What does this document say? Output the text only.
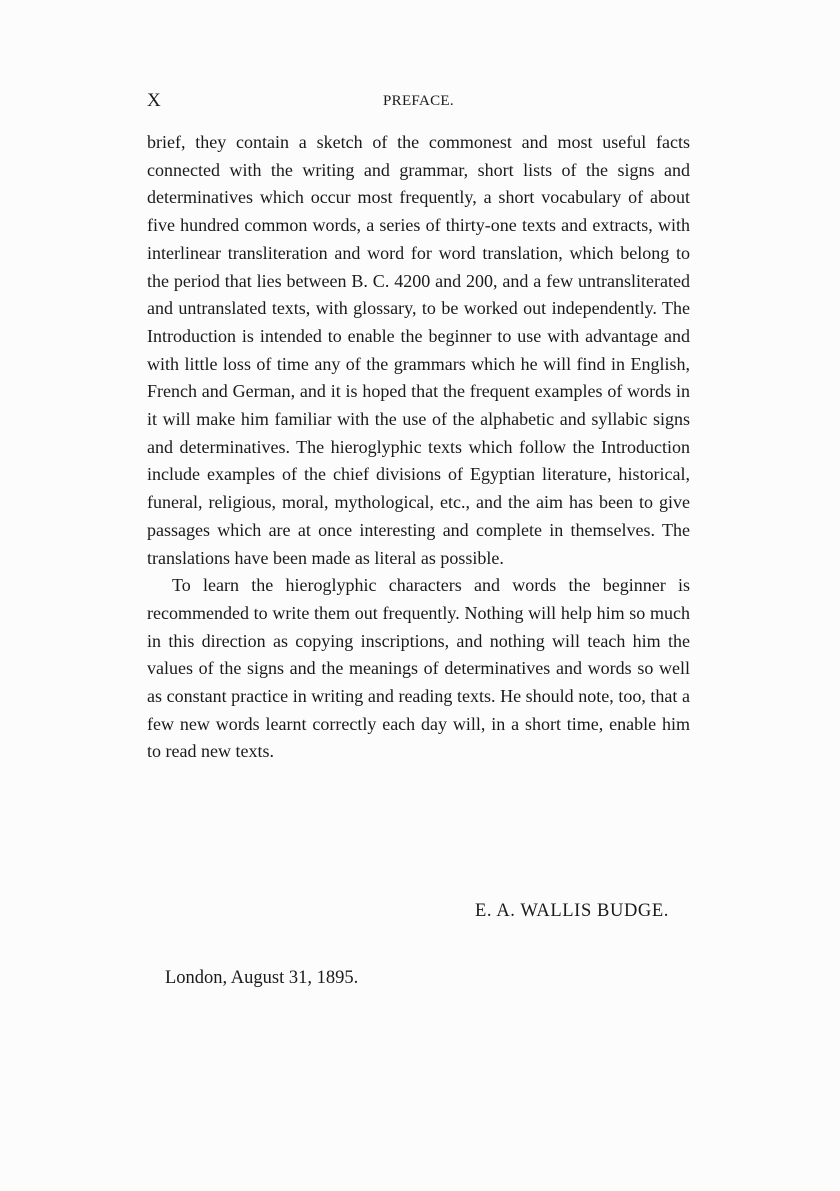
X	PREFACE.

brief, they contain a sketch of the commonest and most useful facts connected with the writing and grammar, short lists of the signs and determinatives which occur most frequently, a short vocabulary of about five hundred common words, a series of thirty-one texts and extracts, with interlinear transliteration and word for word translation, which belong to the period that lies between B. C. 4200 and 200, and a few untransliterated and untranslated texts, with glossary, to be worked out independently. The Introduction is intended to enable the beginner to use with advantage and with little loss of time any of the grammars which he will find in English, French and German, and it is hoped that the frequent examples of words in it will make him familiar with the use of the alphabetic and syllabic signs and determinatives. The hieroglyphic texts which follow the Introduction include examples of the chief divisions of Egyptian literature, historical, funeral, religious, moral, mythological, etc., and the aim has been to give passages which are at once interesting and complete in themselves. The translations have been made as literal as possible.

To learn the hieroglyphic characters and words the beginner is recommended to write them out frequently. Nothing will help him so much in this direction as copying inscriptions, and nothing will teach him the values of the signs and the meanings of determinatives and words so well as constant practice in writing and reading texts. He should note, too, that a few new words learnt correctly each day will, in a short time, enable him to read new texts.

E. A. WALLIS BUDGE.
London, August 31, 1895.
